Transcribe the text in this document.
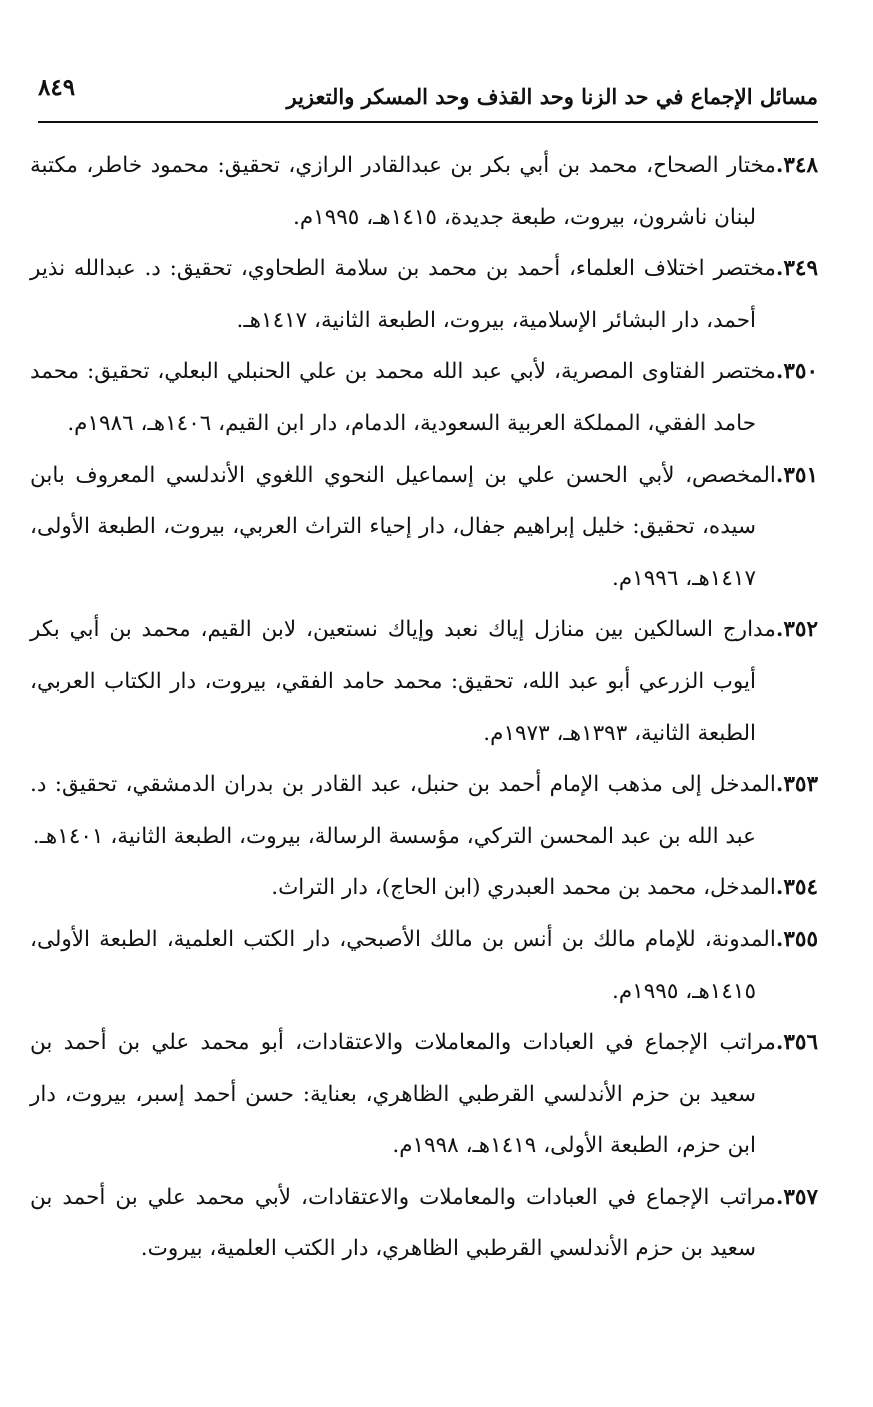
مسائل الإجماع في حد الزنا وحد القذف وحد المسكر والتعزير
٨٤٩

٣٤٨.مختار الصحاح، محمد بن أبي بكر بن عبدالقادر الرازي، تحقيق: محمود خاطر، مكتبة لبنان ناشرون، بيروت، طبعة جديدة، ١٤١٥هـ، ١٩٩٥م.

٣٤٩.مختصر اختلاف العلماء، أحمد بن محمد بن سلامة الطحاوي، تحقيق: د. عبدالله نذير أحمد، دار البشائر الإسلامية، بيروت، الطبعة الثانية، ١٤١٧هـ.

٣٥٠.مختصر الفتاوى المصرية، لأبي عبد الله محمد بن علي الحنبلي البعلي، تحقيق: محمد حامد الفقي، المملكة العربية السعودية، الدمام، دار ابن القيم، ١٤٠٦هـ، ١٩٨٦م.

٣٥١.المخصص، لأبي الحسن علي بن إسماعيل النحوي اللغوي الأندلسي المعروف بابن سيده، تحقيق: خليل إبراهيم جفال، دار إحياء التراث العربي، بيروت، الطبعة الأولى، ١٤١٧هـ، ١٩٩٦م.

٣٥٢.مدارج السالكين بين منازل إياك نعبد وإياك نستعين، لابن القيم، محمد بن أبي بكر أيوب الزرعي أبو عبد الله، تحقيق: محمد حامد الفقي، بيروت، دار الكتاب العربي، الطبعة الثانية، ١٣٩٣هـ، ١٩٧٣م.

٣٥٣.المدخل إلى مذهب الإمام أحمد بن حنبل، عبد القادر بن بدران الدمشقي، تحقيق: د. عبد الله بن عبد المحسن التركي، مؤسسة الرسالة، بيروت، الطبعة الثانية، ١٤٠١هـ.

٣٥٤.المدخل، محمد بن محمد العبدري (ابن الحاج)، دار التراث.

٣٥٥.المدونة، للإمام مالك بن أنس بن مالك الأصبحي، دار الكتب العلمية، الطبعة الأولى، ١٤١٥هـ، ١٩٩٥م.

٣٥٦.مراتب الإجماع في العبادات والمعاملات والاعتقادات، أبو محمد علي بن أحمد بن سعيد بن حزم الأندلسي القرطبي الظاهري، بعناية: حسن أحمد إسبر، بيروت، دار ابن حزم، الطبعة الأولى، ١٤١٩هـ، ١٩٩٨م.

٣٥٧.مراتب الإجماع في العبادات والمعاملات والاعتقادات، لأبي محمد علي بن أحمد بن سعيد بن حزم الأندلسي القرطبي الظاهري، دار الكتب العلمية، بيروت.
